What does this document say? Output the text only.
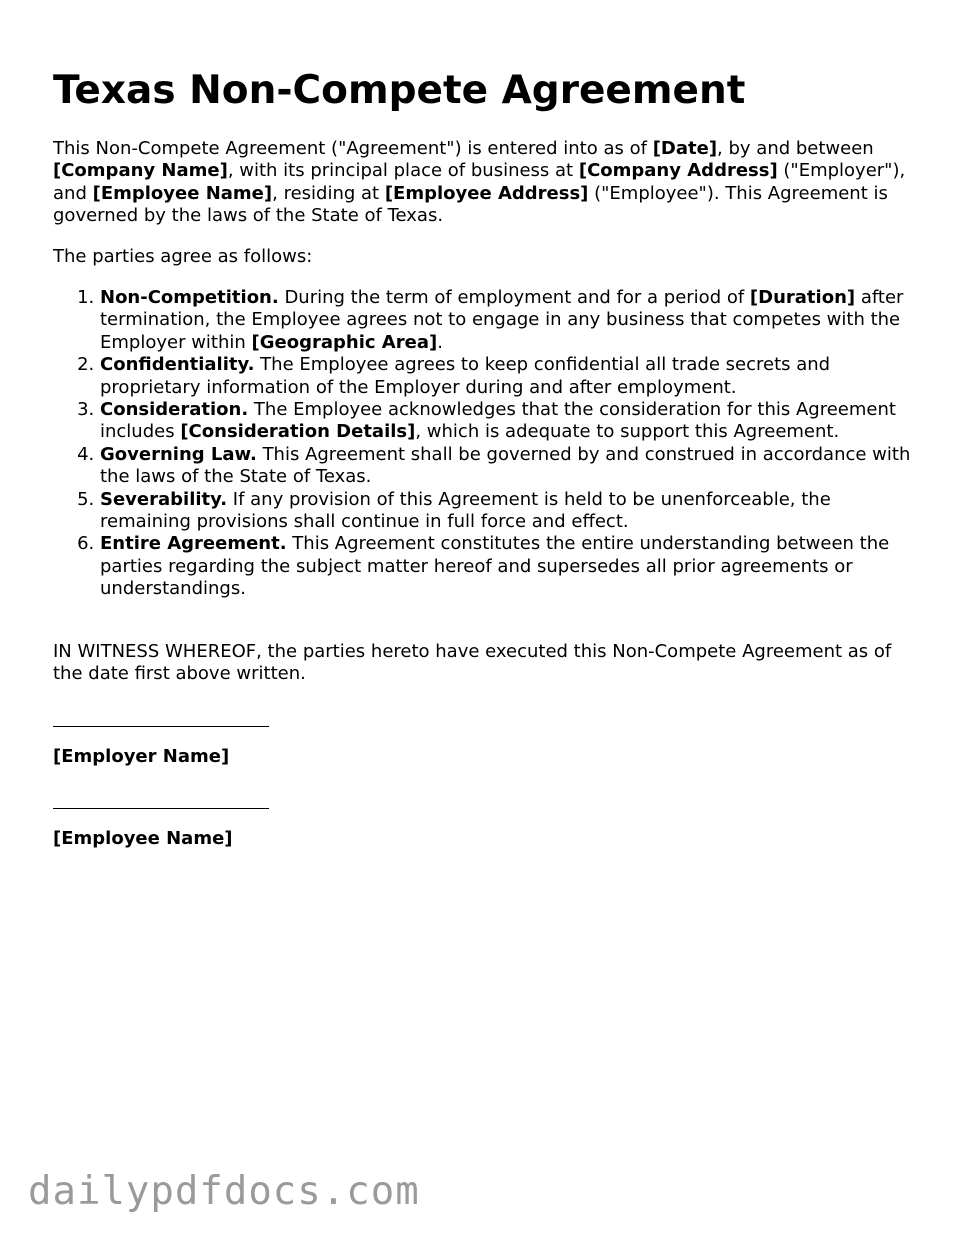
Texas Non-Compete Agreement
This Non-Compete Agreement ("Agreement") is entered into as of [Date], by and between [Company Name], with its principal place of business at [Company Address] ("Employer"), and [Employee Name], residing at [Employee Address] ("Employee"). This Agreement is governed by the laws of the State of Texas.
The parties agree as follows:
1. Non-Competition. During the term of employment and for a period of [Duration] after termination, the Employee agrees not to engage in any business that competes with the Employer within [Geographic Area].
2. Confidentiality. The Employee agrees to keep confidential all trade secrets and proprietary information of the Employer during and after employment.
3. Consideration. The Employee acknowledges that the consideration for this Agreement includes [Consideration Details], which is adequate to support this Agreement.
4. Governing Law. This Agreement shall be governed by and construed in accordance with the laws of the State of Texas.
5. Severability. If any provision of this Agreement is held to be unenforceable, the remaining provisions shall continue in full force and effect.
6. Entire Agreement. This Agreement constitutes the entire understanding between the parties regarding the subject matter hereof and supersedes all prior agreements or understandings.
IN WITNESS WHEREOF, the parties hereto have executed this Non-Compete Agreement as of the date first above written.
[Employer Name]
[Employee Name]
dailypdfdocs.com
